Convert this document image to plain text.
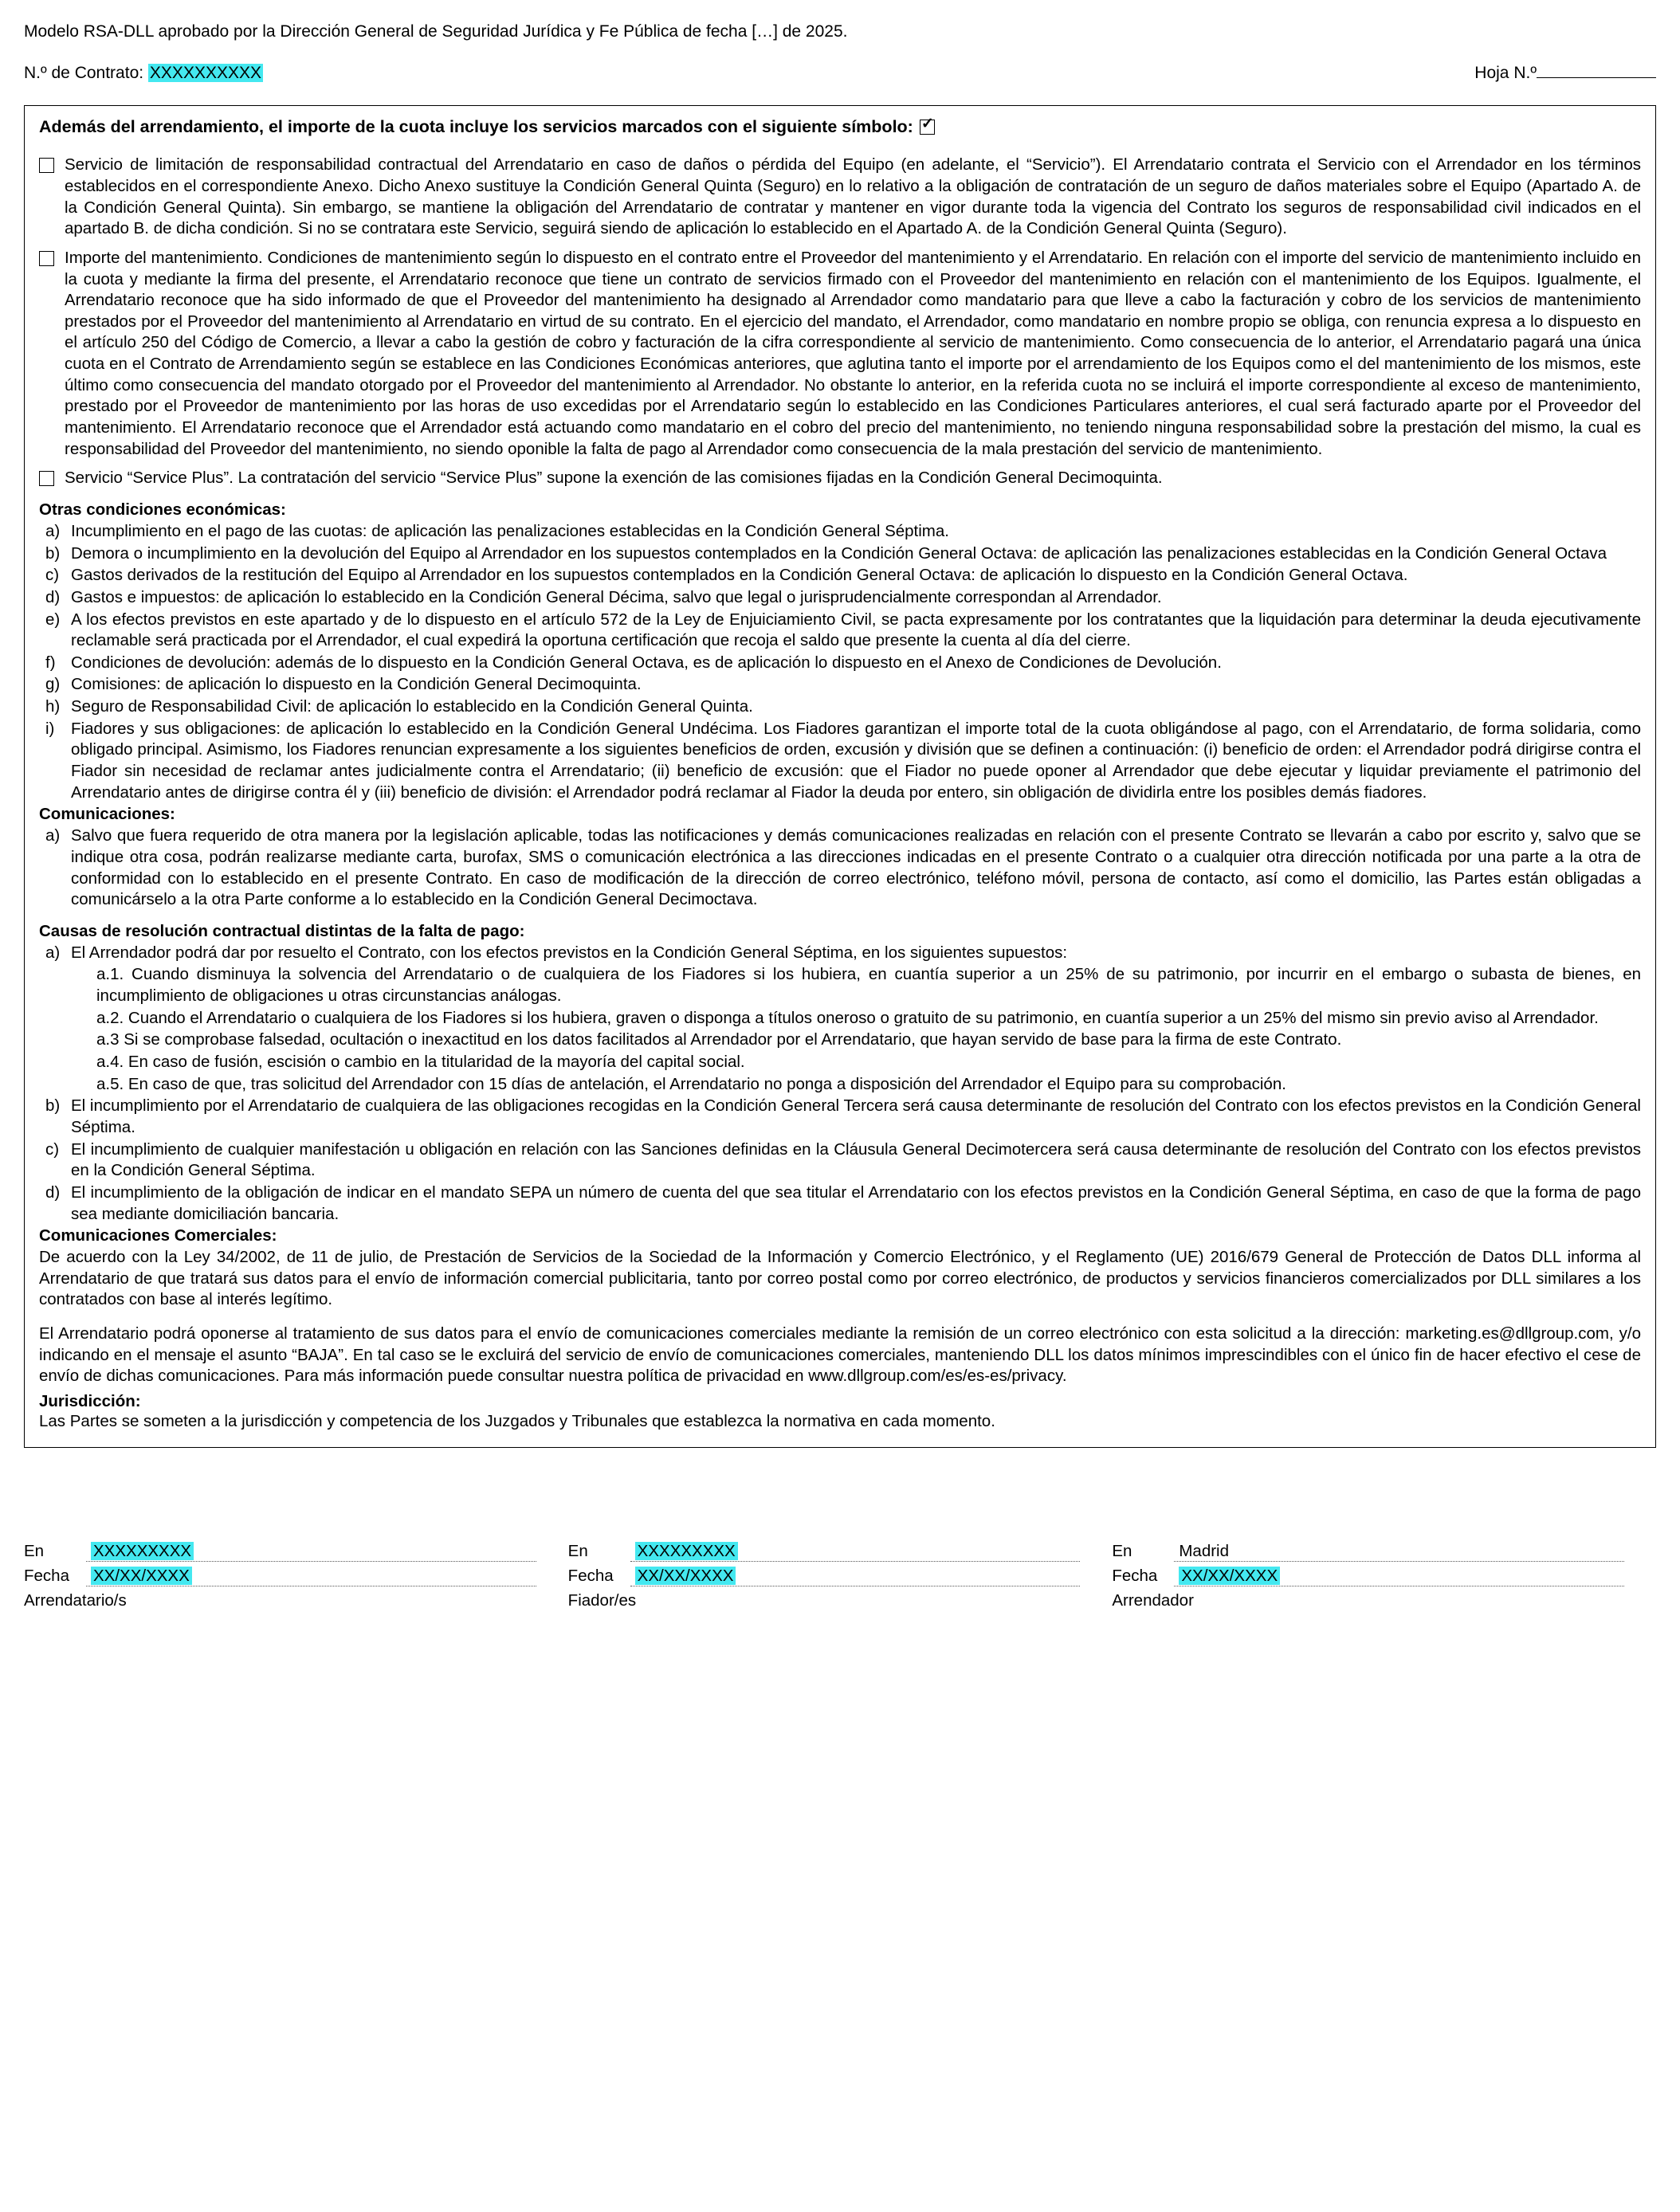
Modelo RSA-DLL aprobado por la Dirección General de Seguridad Jurídica y Fe Pública de fecha […] de 2025.
N.º de Contrato: XXXXXXXXXX	Hoja N.º
Además del arrendamiento, el importe de la cuota incluye los servicios marcados con el siguiente símbolo:
✓
Servicio de limitación de responsabilidad contractual del Arrendatario en caso de daños o pérdida del Equipo (en adelante, el “Servicio”). El Arrendatario contrata el Servicio con el Arrendador en los términos establecidos en el correspondiente Anexo. Dicho Anexo sustituye la Condición General Quinta (Seguro) en lo relativo a la obligación de contratación de un seguro de daños materiales sobre el Equipo (Apartado A. de la Condición General Quinta). Sin embargo, se mantiene la obligación del Arrendatario de contratar y mantener en vigor durante toda la vigencia del Contrato los seguros de responsabilidad civil indicados en el apartado B. de dicha condición. Si no se contratara este Servicio, seguirá siendo de aplicación lo establecido en el Apartado A. de la Condición General Quinta (Seguro).
Importe del mantenimiento. Condiciones de mantenimiento según lo dispuesto en el contrato entre el Proveedor del mantenimiento y el Arrendatario. En relación con el importe del servicio de mantenimiento incluido en la cuota y mediante la firma del presente, el Arrendatario reconoce que tiene un contrato de servicios firmado con el Proveedor del mantenimiento en relación con el mantenimiento de los Equipos. Igualmente, el Arrendatario reconoce que ha sido informado de que el Proveedor del mantenimiento ha designado al Arrendador como mandatario para que lleve a cabo la facturación y cobro de los servicios de mantenimiento prestados por el Proveedor del mantenimiento al Arrendatario en virtud de su contrato. En el ejercicio del mandato, el Arrendador, como mandatario en nombre propio se obliga, con renuncia expresa a lo dispuesto en el artículo 250 del Código de Comercio, a llevar a cabo la gestión de cobro y facturación de la cifra correspondiente al servicio de mantenimiento. Como consecuencia de lo anterior, el Arrendatario pagará una única cuota en el Contrato de Arrendamiento según se establece en las Condiciones Económicas anteriores, que aglutina tanto el importe por el arrendamiento de los Equipos como el del mantenimiento de los mismos, este último como consecuencia del mandato otorgado por el Proveedor del mantenimiento al Arrendador. No obstante lo anterior, en la referida cuota no se incluirá el importe correspondiente al exceso de mantenimiento, prestado por el Proveedor de mantenimiento por las horas de uso excedidas por el Arrendatario según lo establecido en las Condiciones Particulares anteriores, el cual será facturado aparte por el Proveedor del mantenimiento. El Arrendatario reconoce que el Arrendador está actuando como mandatario en el cobro del precio del mantenimiento, no teniendo ninguna responsabilidad sobre la prestación del mismo, la cual es responsabilidad del Proveedor del mantenimiento, no siendo oponible la falta de pago al Arrendador como consecuencia de la mala prestación del servicio de mantenimiento.
Servicio “Service Plus”. La contratación del servicio “Service Plus” supone la exención de las comisiones fijadas en la Condición General Decimoquinta.
Otras condiciones económicas:
a) Incumplimiento en el pago de las cuotas: de aplicación las penalizaciones establecidas en la Condición General Séptima.
b) Demora o incumplimiento en la devolución del Equipo al Arrendador en los supuestos contemplados en la Condición General Octava: de aplicación las penalizaciones establecidas en la Condición General Octava
c) Gastos derivados de la restitución del Equipo al Arrendador en los supuestos contemplados en la Condición General Octava: de aplicación lo dispuesto en la Condición General Octava.
d) Gastos e impuestos: de aplicación lo establecido en la Condición General Décima, salvo que legal o jurisprudencialmente correspondan al Arrendador.
e) A los efectos previstos en este apartado y de lo dispuesto en el artículo 572 de la Ley de Enjuiciamiento Civil, se pacta expresamente por los contratantes que la liquidación para determinar la deuda ejecutivamente reclamable será practicada por el Arrendador, el cual expedirá la oportuna certificación que recoja el saldo que presente la cuenta al día del cierre.
f) Condiciones de devolución: además de lo dispuesto en la Condición General Octava, es de aplicación lo dispuesto en el Anexo de Condiciones de Devolución.
g) Comisiones: de aplicación lo dispuesto en la Condición General Decimoquinta.
h) Seguro de Responsabilidad Civil: de aplicación lo establecido en la Condición General Quinta.
i)	Fiadores y sus obligaciones: de aplicación lo establecido en la Condición General Undécima. Los Fiadores garantizan el importe total de la cuota obligándose al pago, con el Arrendatario, de forma solidaria, como obligado principal. Asimismo, los Fiadores renuncian expresamente a los siguientes beneficios de orden, excusión y división que se definen a continuación: (i) beneficio de orden: el Arrendador podrá dirigirse contra el Fiador sin necesidad de reclamar antes judicialmente contra el Arrendatario; (ii) beneficio de excusión: que el Fiador no puede oponer al Arrendador que debe ejecutar y liquidar previamente el patrimonio del Arrendatario antes de dirigirse contra él y (iii) beneficio de división: el Arrendador podrá reclamar al Fiador la deuda por entero, sin obligación de dividirla entre los posibles demás fiadores.
Comunicaciones:
a) Salvo que fuera requerido de otra manera por la legislación aplicable, todas las notificaciones y demás comunicaciones realizadas en relación con el presente Contrato se llevarán a cabo por escrito y, salvo que se indique otra cosa, podrán realizarse mediante carta, burofax, SMS o comunicación electrónica a las direcciones indicadas en el presente Contrato o a cualquier otra dirección notificada por una parte a la otra de conformidad con lo establecido en el presente Contrato. En caso de modificación de la dirección de correo electrónico, teléfono móvil, persona de contacto, así como el domicilio, las Partes están obligadas a comunicárselo a la otra Parte conforme a lo establecido en la Condición General Decimoctava.
Causas de resolución contractual distintas de la falta de pago:
a) El Arrendador podrá dar por resuelto el Contrato, con los efectos previstos en la Condición General Séptima, en los siguientes supuestos:
a.1. Cuando disminuya la solvencia del Arrendatario o de cualquiera de los Fiadores si los hubiera, en cuantía superior a un 25% de su patrimonio, por incurrir en el embargo o subasta de bienes, en incumplimiento de obligaciones u otras circunstancias análogas.
a.2. Cuando el Arrendatario o cualquiera de los Fiadores si los hubiera, graven o disponga a títulos oneroso o gratuito de su patrimonio, en cuantía superior a un 25% del mismo sin previo aviso al Arrendador.
a.3 Si se comprobase falsedad, ocultación o inexactitud en los datos facilitados al Arrendador por el Arrendatario, que hayan servido de base para la firma de este Contrato.
a.4. En caso de fusión, escisión o cambio en la titularidad de la mayoría del capital social.
a.5. En caso de que, tras solicitud del Arrendador con 15 días de antelación, el Arrendatario no ponga a disposición del Arrendador el Equipo para su comprobación.
b) El incumplimiento por el Arrendatario de cualquiera de las obligaciones recogidas en la Condición General Tercera será causa determinante de resolución del Contrato con los efectos previstos en la Condición General Séptima.
c) El incumplimiento de cualquier manifestación u obligación en relación con las Sanciones definidas en la Cláusula General Decimotercera será causa determinante de resolución del Contrato con los efectos previstos en la Condición General Séptima.
d) El incumplimiento de la obligación de indicar en el mandato SEPA un número de cuenta del que sea titular el Arrendatario con los efectos previstos en la Condición General Séptima, en caso de que la forma de pago sea mediante domiciliación bancaria.
Comunicaciones Comerciales:
De acuerdo con la Ley 34/2002, de 11 de julio, de Prestación de Servicios de la Sociedad de la Información y Comercio Electrónico, y el Reglamento (UE) 2016/679 General de Protección de Datos DLL informa al Arrendatario de que tratará sus datos para el envío de información comercial publicitaria, tanto por correo postal como por correo electrónico, de productos y servicios financieros comercializados por DLL similares a los contratados con base al interés legítimo.
El Arrendatario podrá oponerse al tratamiento de sus datos para el envío de comunicaciones comerciales mediante la remisión de un correo electrónico con esta solicitud a la dirección: marketing.es@dllgroup.com, y/o indicando en el mensaje el asunto “BAJA”. En tal caso se le excluirá del servicio de envío de comunicaciones comerciales, manteniendo DLL los datos mínimos imprescindibles con el único fin de hacer efectivo el cese de envío de dichas comunicaciones. Para más información puede consultar nuestra política de privacidad en www.dllgroup.com/es/es-es/privacy.
Jurisdicción:
Las Partes se someten a la jurisdicción y competencia de los Juzgados y Tribunales que establezca la normativa en cada momento.
En	XXXXXXXXX
Fecha	XX/XX/XXXX
Arrendatario/s
En	XXXXXXXXX
Fecha	XX/XX/XXXX
Fiador/es
En	Madrid
Fecha	XX/XX/XXXX
Arrendador
